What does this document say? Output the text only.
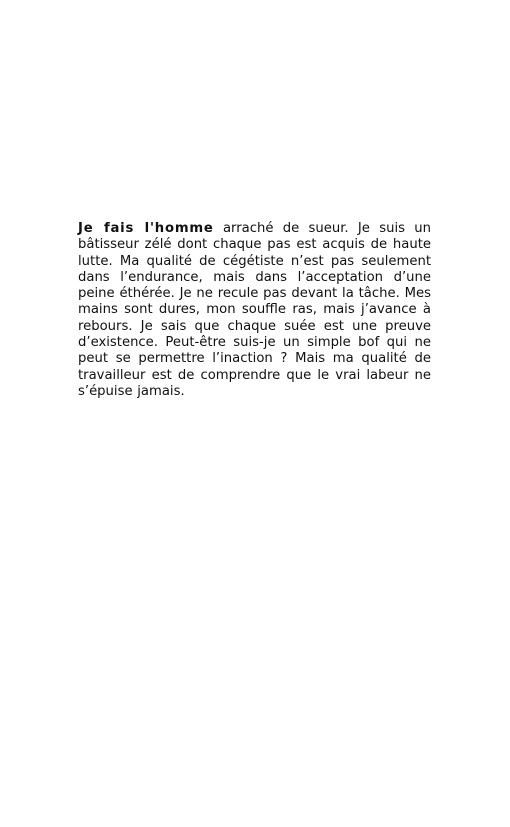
Je fais l'homme arraché de sueur. Je suis un bâtisseur zélé dont chaque pas est acquis de haute lutte. Ma qualité de cégétiste n’est pas seulement dans l’endurance, mais dans l’acceptation d’une peine éthérée. Je ne recule pas devant la tâche. Mes mains sont dures, mon souffle ras, mais j’avance à rebours. Je sais que chaque suée est une preuve d’existence. Peut-être suis-je un simple bof qui ne peut se permettre l’inaction ? Mais ma qualité de travailleur est de comprendre que le vrai labeur ne s’épuise jamais.
